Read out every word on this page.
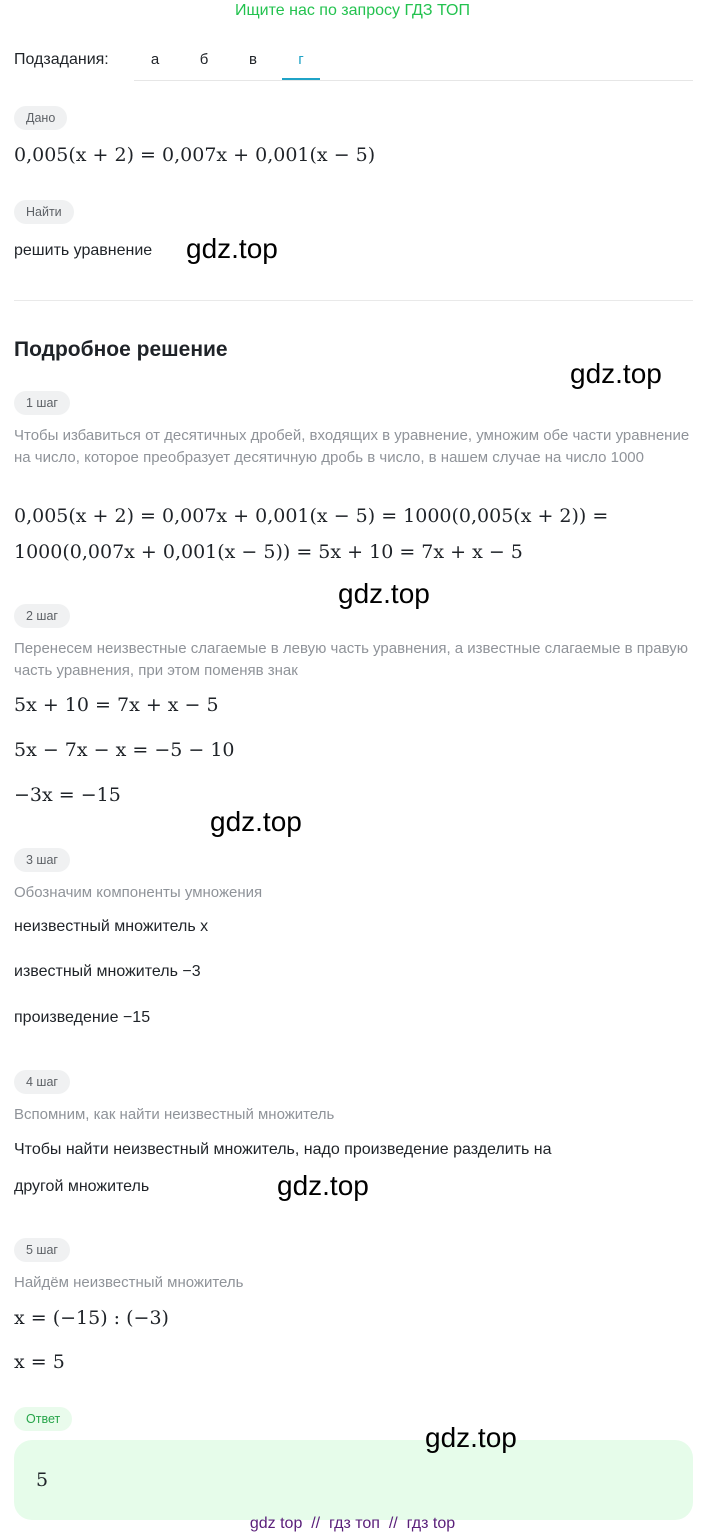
Ищите нас по запросу ГДЗ ТОП
Подзадания:	а	б	в	г
Дано
0,005(x + 2) = 0,007x + 0,001(x − 5)
Найти
решить уравнение gdz.top
Подробное решение
gdz.top
1 шаг
Чтобы избавиться от десятичных дробей, входящих в уравнение, умножим обе части уравнение на число, которое преобразует десятичную дробь в число, в нашем случае на число 1000
0,005(x + 2) = 0,007x + 0,001(x − 5) = 1000(0,005(x + 2)) =
1000(0,007x + 0,001(x − 5)) = 5x + 10 = 7x + x − 5
gdz.top
2 шаг
Перенесем неизвестные слагаемые в левую часть уравнения, а известные слагаемые в правую часть уравнения, при этом поменяв знак
5x + 10 = 7x + x − 5
5x − 7x − x = −5 − 10
−3x = −15
gdz.top
3 шаг
Обозначим компоненты умножения
неизвестный множитель x
известный множитель −3
произведение −15
4 шаг
Вспомним, как найти неизвестный множитель
Чтобы найти неизвестный множитель, надо произведение разделить на
другой множитель	gdz.top
5 шаг
Найдём неизвестный множитель
x = (−15) : (−3)
x = 5
Ответ
5
gdz.top
gdz top // гдз топ // гдз top
